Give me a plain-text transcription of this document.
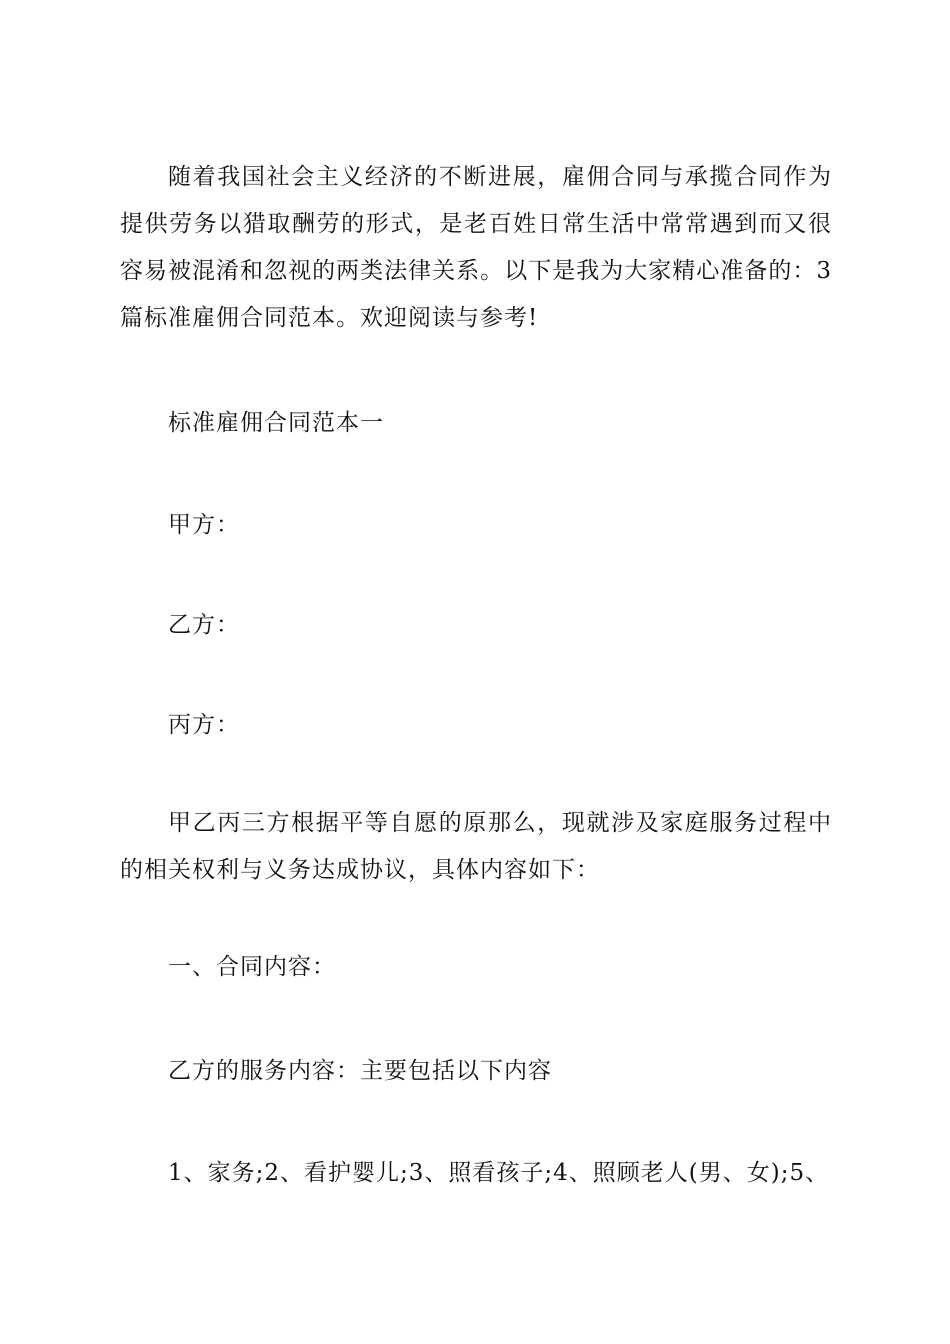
随着我国社会主义经济的不断进展，雇佣合同与承揽合同作为提供劳务以猎取酬劳的形式，是老百姓日常生活中常常遇到而又很容易被混淆和忽视的两类法律关系。以下是我为大家精心准备的：3篇标准雇佣合同范本。欢迎阅读与参考!

标准雇佣合同范本一

甲方：

乙方：

丙方：

甲乙丙三方根据平等自愿的原那么，现就涉及家庭服务过程中的相关权利与义务达成协议，具体内容如下：

一、合同内容：

乙方的服务内容：主要包括以下内容

1、家务;2、看护婴儿;3、照看孩子;4、照顾老人(男、女);5、
